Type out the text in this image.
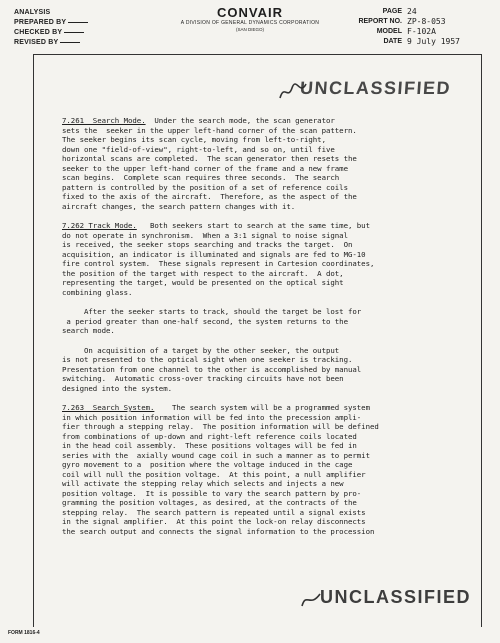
ANALYSIS
PREPARED BY
CHECKED BY
REVISED BY
CONVAIR
A DIVISION OF GENERAL DYNAMICS CORPORATION
(SAN DIEGO)
PAGE 24
REPORT NO. ZP-8-053
MODEL F-102A
DATE 9 July 1957
UNCLASSIFIED

7.261  Search Mode.  Under the search mode, the scan generator

sets the  seeker in the upper left-hand corner of the scan pattern.

The seeker begins its scan cycle, moving from left-to-right,

down one "field-of-view", right-to-left, and so on, until five

horizontal scans are completed.  The scan generator then resets the

seeker to the upper left-hand corner of the frame and a new frame

scan begins.  Complete scan requires three seconds.  The search

pattern is controlled by the position of a set of reference coils

fixed to the axis of the aircraft.  Therefore, as the aspect of the

aircraft changes, the search pattern changes with it.

7.262 Track Mode.   Both seekers start to search at the same time, but

do not operate in synchronism.  When a 3:1 signal to noise signal

is received, the seeker stops searching and tracks the target.  On

acquisition, an indicator is illuminated and signals are fed to MG-10

fire control system.  These signals represent in Cartesion coordinates,

the position of the target with respect to the aircraft.  A dot,

representing the target, would be presented on the optical sight

combining glass.

After the seeker starts to track, should the target be lost for

a period greater than one-half second, the system returns to the

search mode.

On acquisition of a target by the other seeker, the output

is not presented to the optical sight when one seeker is tracking.

Presentation from one channel to the other is accomplished by manual

switching.  Automatic cross-over tracking circuits have not been

designed into the system.

7.263  Search System.    The search system will be a programmed system

in which position information will be fed into the precession ampli-

fier through a stepping relay.  The position information will be defined

from combinations of up-down and right-left reference coils located

in the head coil assembly.  These positions voltages will be fed in

series with the  axially wound cage coil in such a manner as to permit

gyro movement to a  position where the voltage induced in the cage

coil will null the position voltage.  At this point, a null amplifier

will activate the stepping relay which selects and injects a new

position voltage.  It is possible to vary the search pattern by pro-

gramming the position voltages, as desired, at the contracts of the

stepping relay.  The search pattern is repeated until a signal exists

in the signal amplifier.  At this point the lock-on relay disconnects

the search output and connects the signal information to the procession

UNCLASSIFIED
FORM 1816-4
